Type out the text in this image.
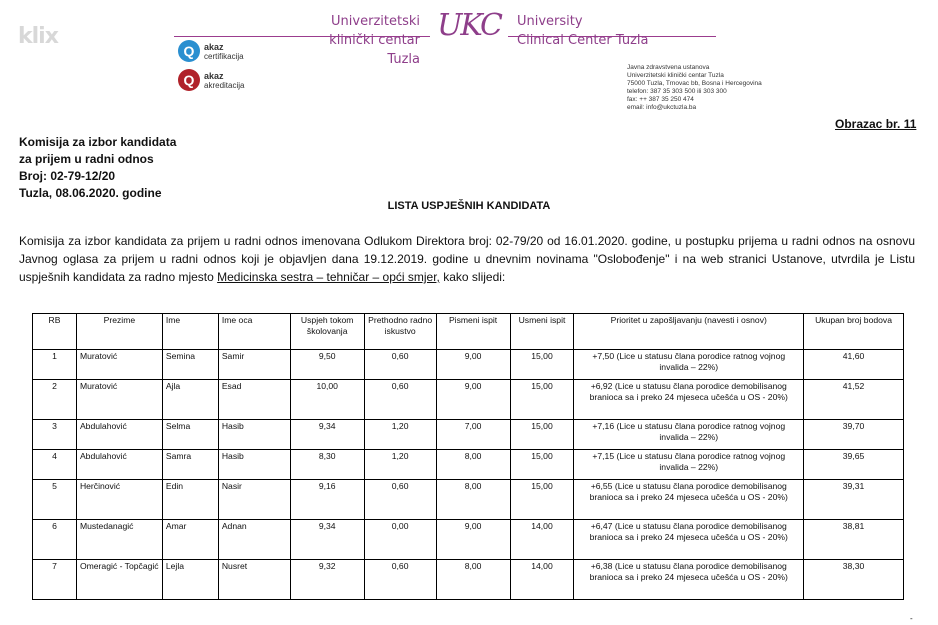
klix
Univerzitetski
klinički centar Tuzla
UKC	University
Clinical Center Tuzla
Q	akaz
certifikacija
Q	akaz
akreditacija
Javna zdravstvena ustanova
Univerzitetski klinički centar Tuzla
75000 Tuzla, Trnovac bb, Bosna i Hercegovina
telefon: 387 35 303 500 ili 303 300
fax: ++ 387 35 250 474
email: info@ukctuzla.ba
Obrazac br. 11
Komisija za izbor kandidata
za prijem u radni odnos
Broj: 02-79-12/20
Tuzla, 08.06.2020. godine
LISTA USPJEŠNIH KANDIDATA
Komisija za izbor kandidata za prijem u radni odnos imenovana Odlukom Direktora broj: 02-79/20 od 16.01.2020. godine, u postupku prijema u radni odnos na osnovu Javnog oglasa za prijem u radni odnos koji je objavljen dana 19.12.2019. godine u dnevnim novinama "Oslobođenje" i na web stranici Ustanove, utvrdila je Listu uspješnih kandidata za radno mjesto Medicinska sestra – tehničar – opći smjer, kako slijedi:
RB	Prezime	Ime	Ime oca	Uspjeh tokom školovanja	Prethodno radno iskustvo	Pismeni ispit	Usmeni ispit	Prioritet u zapošljavanju (navesti i osnov)	Ukupan broj bodova
1	Muratović	Semina	Samir	9,50	0,60	9,00	15,00	+7,50 (Lice u statusu člana porodice ratnog vojnog invalida – 22%)	41,60
2	Muratović	Ajla	Esad	10,00	0,60	9,00	15,00	+6,92 (Lice u statusu člana porodice demobilisanog branioca sa i preko 24 mjeseca učešća u OS - 20%)	41,52
3	Abdulahović	Selma	Hasib	9,34	1,20	7,00	15,00	+7,16 (Lice u statusu člana porodice ratnog vojnog invalida – 22%)	39,70
4	Abdulahović	Samra	Hasib	8,30	1,20	8,00	15,00	+7,15 (Lice u statusu člana porodice ratnog vojnog invalida – 22%)	39,65
5	Herčinović	Edin	Nasir	9,16	0,60	8,00	15,00	+6,55 (Lice u statusu člana porodice demobilisanog branioca sa i preko 24 mjeseca učešća u OS - 20%)	39,31
6	Mustedanagić	Amar	Adnan	9,34	0,00	9,00	14,00	+6,47 (Lice u statusu člana porodice demobilisanog branioca sa i preko 24 mjeseca učešća u OS - 20%)	38,81
7	Omeragić - Topčagić	Lejla	Nusret	9,32	0,60	8,00	14,00	+6,38 (Lice u statusu člana porodice demobilisanog branioca sa i preko 24 mjeseca učešća u OS - 20%)	38,30
-
